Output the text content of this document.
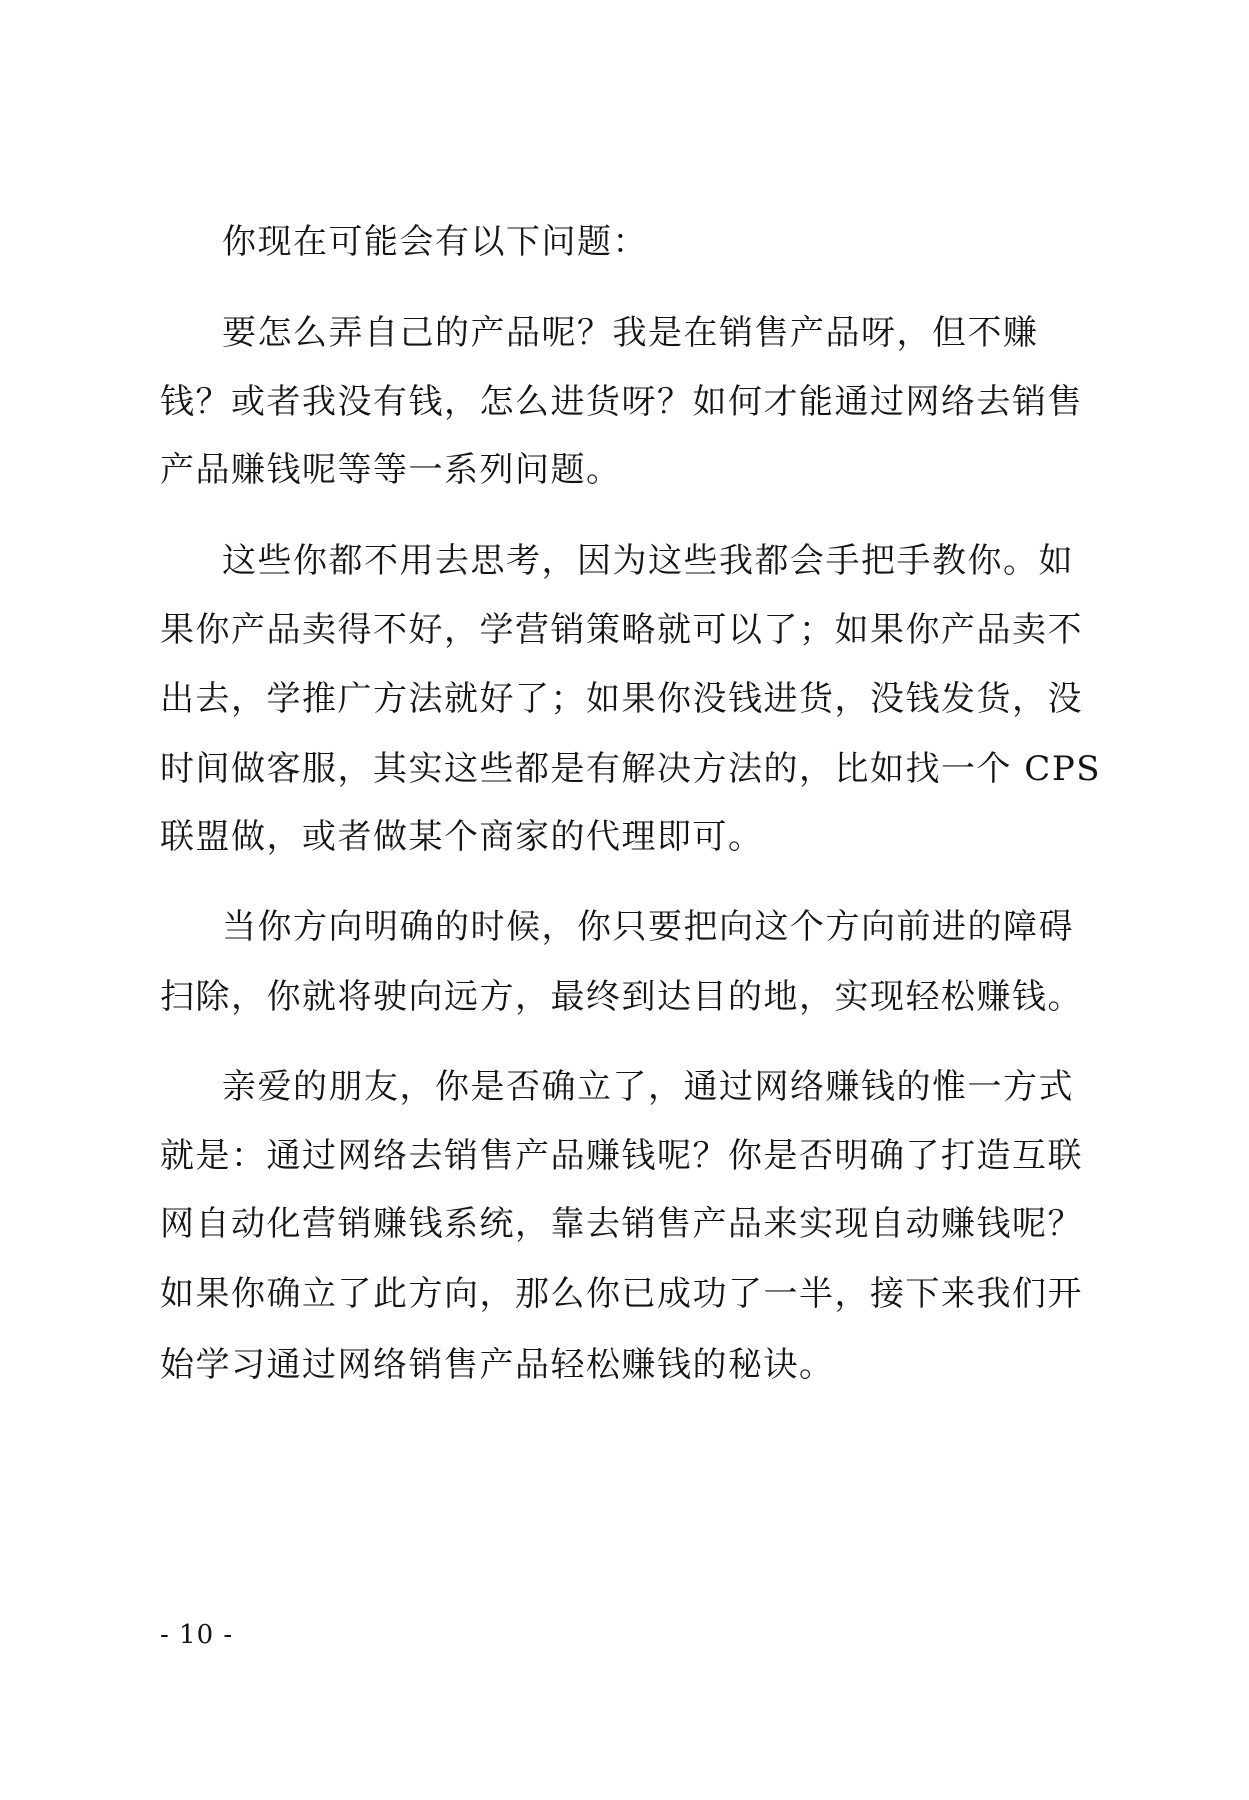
你现在可能会有以下问题：
要怎么弄自己的产品呢？我是在销售产品呀，但不赚
钱？或者我没有钱，怎么进货呀？如何才能通过网络去销售
产品赚钱呢等等一系列问题。
这些你都不用去思考，因为这些我都会手把手教你。如
果你产品卖得不好，学营销策略就可以了；如果你产品卖不
出去，学推广方法就好了；如果你没钱进货，没钱发货，没
时间做客服，其实这些都是有解决方法的，比如找一个 CPS
联盟做，或者做某个商家的代理即可。
当你方向明确的时候，你只要把向这个方向前进的障碍
扫除，你就将驶向远方，最终到达目的地，实现轻松赚钱。
亲爱的朋友，你是否确立了，通过网络赚钱的惟一方式
就是：通过网络去销售产品赚钱呢？你是否明确了打造互联
网自动化营销赚钱系统，靠去销售产品来实现自动赚钱呢？
如果你确立了此方向，那么你已成功了一半，接下来我们开
始学习通过网络销售产品轻松赚钱的秘诀。
- 10 -
